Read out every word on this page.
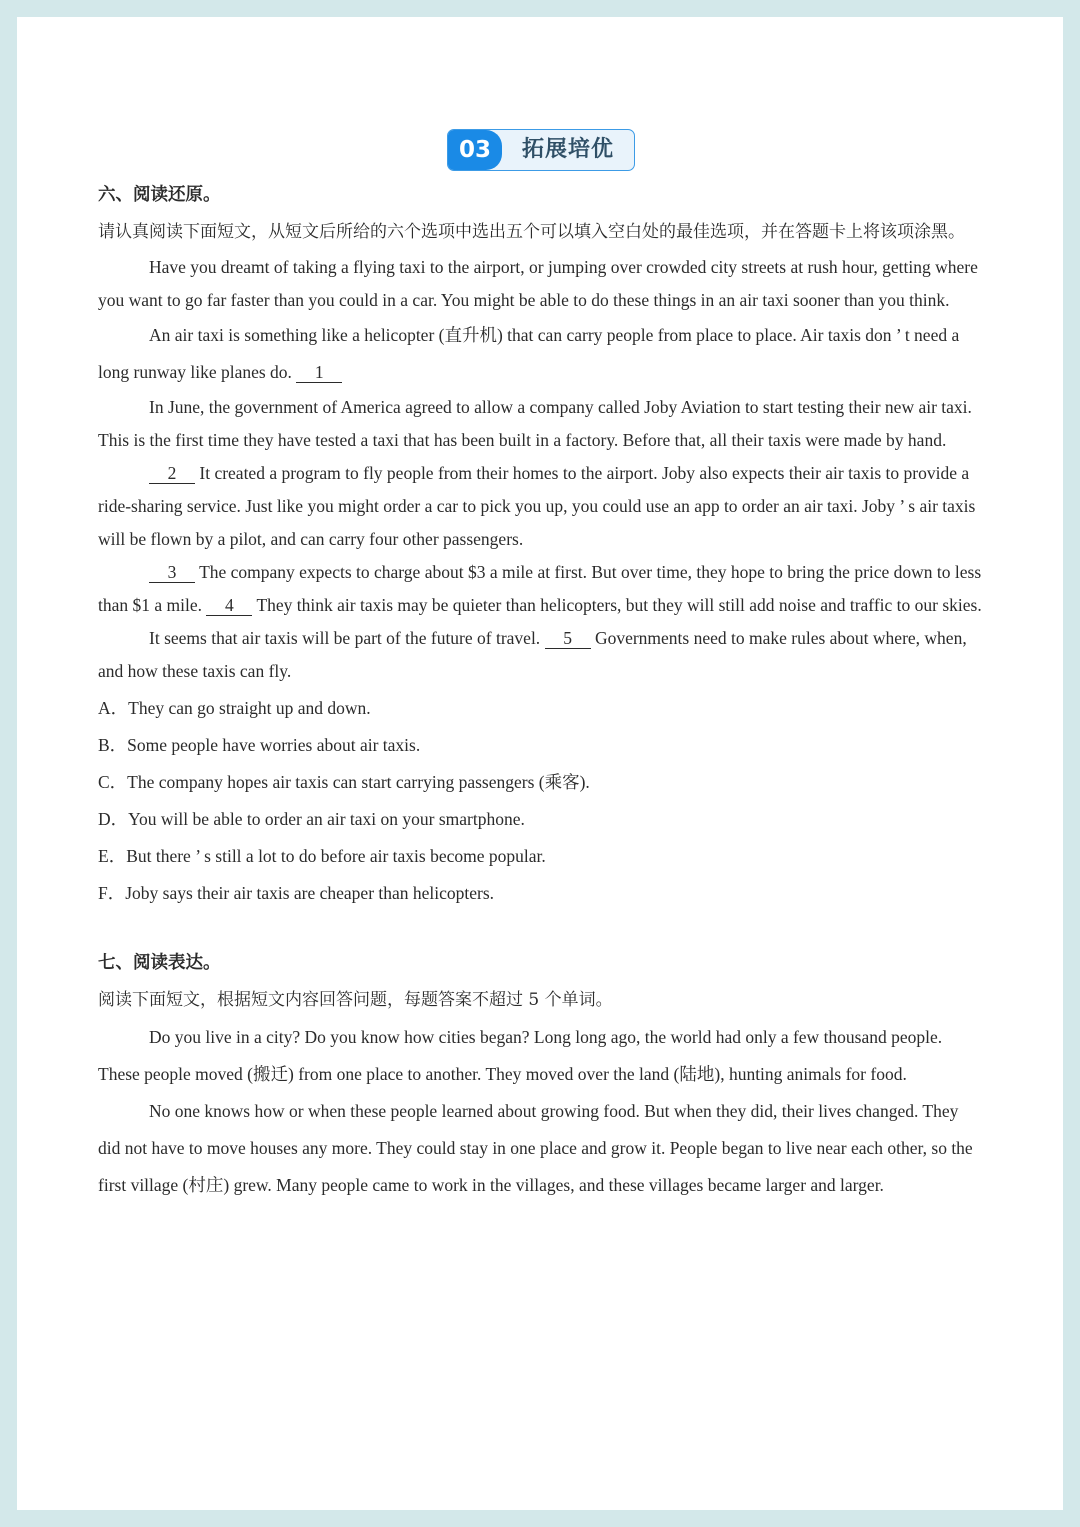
03	拓展培优
六、阅读还原。
请认真阅读下面短文，从短文后所给的六个选项中选出五个可以填入空白处的最佳选项，并在答题卡上将该项涂黑。

Have you dreamt of taking a flying taxi to the airport, or jumping over crowded city streets at rush hour, getting where you want to go far faster than you could in a car. You might be able to do these things in an air taxi sooner than you think.

An air taxi is something like a helicopter (直升机) that can carry people from place to place. Air taxis don ’ t need a long runway like planes do. 1

In June, the government of America agreed to allow a company called Joby Aviation to start testing their new air taxi. This is the first time they have tested a taxi that has been built in a factory. Before that, all their taxis were made by hand.

2 It created a program to fly people from their homes to the airport. Joby also expects their air taxis to provide a ride-sharing service. Just like you might order a car to pick you up, you could use an app to order an air taxi. Joby ’ s air taxis will be flown by a pilot, and can carry four other passengers.

3 The company expects to charge about $3 a mile at first. But over time, they hope to bring the price down to less than $1 a mile. 4 They think air taxis may be quieter than helicopters, but they will still add noise and traffic to our skies.

It seems that air taxis will be part of the future of travel. 5 Governments need to make rules about where, when, and how these taxis can fly.

A．They can go straight up and down.
B．Some people have worries about air taxis.
C．The company hopes air taxis can start carrying passengers (乘客).
D．You will be able to order an air taxi on your smartphone.
E．But there ’ s still a lot to do before air taxis become popular.
F．Joby says their air taxis are cheaper than helicopters.
七、阅读表达。
阅读下面短文，根据短文内容回答问题，每题答案不超过 5 个单词。

Do you live in a city? Do you know how cities began? Long long ago, the world had only a few thousand people. These people moved (搬迁) from one place to another. They moved over the land (陆地), hunting animals for food.

No one knows how or when these people learned about growing food. But when they did, their lives changed. They did not have to move houses any more. They could stay in one place and grow it. People began to live near each other, so the first village (村庄) grew. Many people came to work in the villages, and these villages became larger and larger.
